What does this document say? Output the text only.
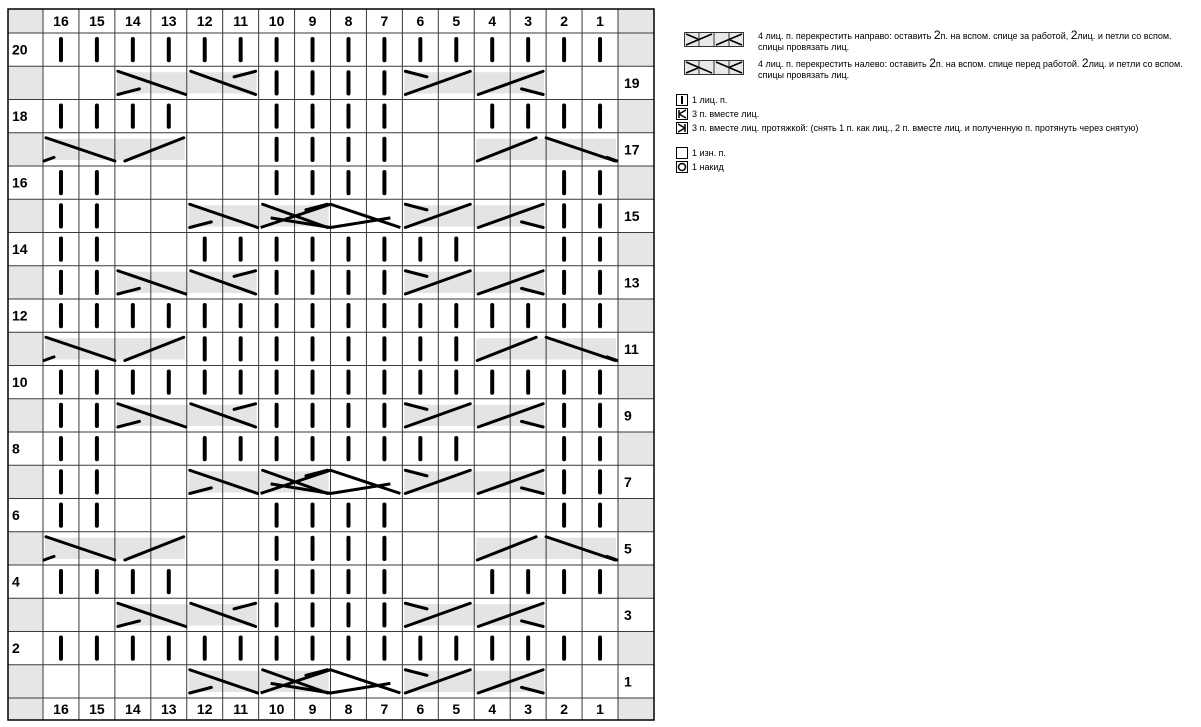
16
16
15
15
14
14
13
13
12
12
11
11
10
10
9
9
8
8
7
7
6
6
5
5
4
4
3
3
2
2
1
1
20
18
16
14
12
10
8
6
4
2
19
17
15
13
11
9
7
5
3
1
4 лиц. п. перекрестить направо: оставить 2п. на вспом. спице за работой, 2лиц. и петли со вспом. спицы провязать лиц.
4 лиц. п. перекрестить налево: оставить 2п. на вспом. спице перед работой. 2лиц. и петли со вспом. спицы провязать лиц.
1 лиц. п.
3 п. вместе лиц.
3 п. вместе лиц. протяжкой: (снять 1 п. как лиц., 2 п. вместе лиц. и полученную п. протянуть через снятую)
1 изн. п.
1 накид
